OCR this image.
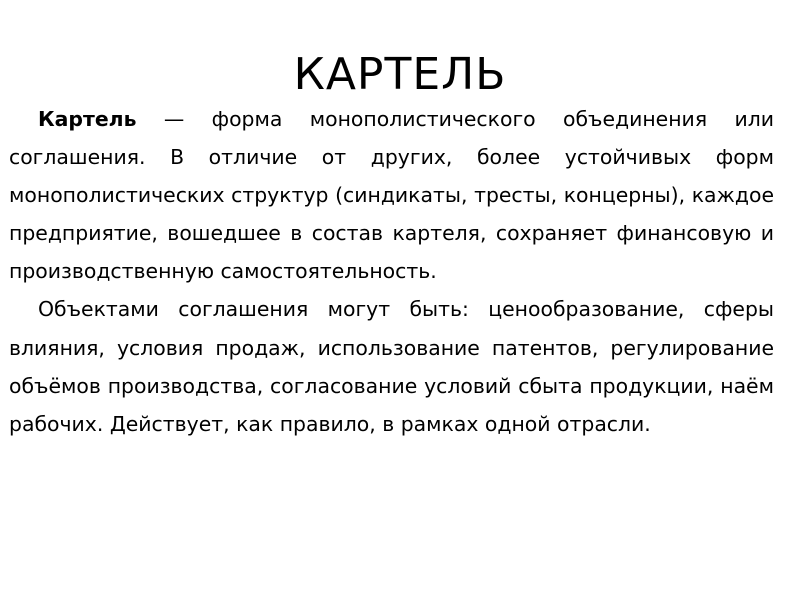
КАРТЕЛЬ

Картель — форма монополистического объединения или соглашения. В отличие от других, более устойчивых форм монополистических структур (синдикаты, тресты, концерны), каждое предприятие, вошедшее в состав картеля, сохраняет финансовую и производственную самостоятельность.

Объектами соглашения могут быть: ценообразование, сферы влияния, условия продаж, использование патентов, регулирование объёмов производства, согласование условий сбыта продукции, наём рабочих. Действует, как правило, в рамках одной отрасли.
